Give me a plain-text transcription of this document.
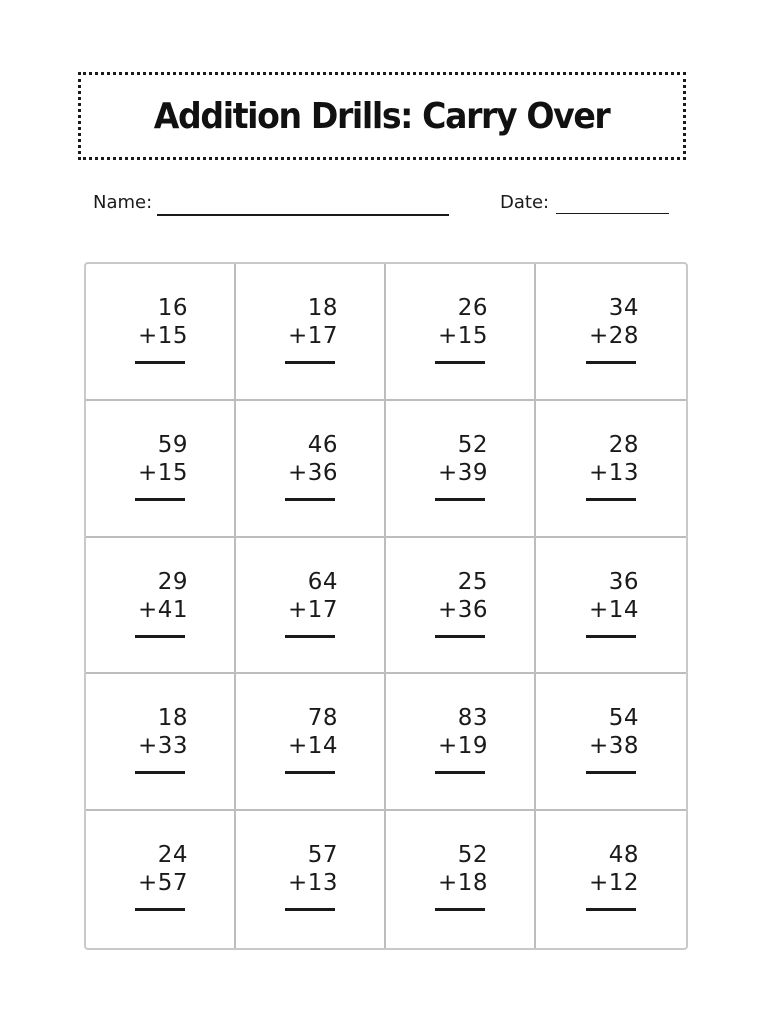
Addition Drills: Carry Over
Name:	Date:
16
+15
18
+17
26
+15
34
+28
59
+15
46
+36
52
+39
28
+13
29
+41
64
+17
25
+36
36
+14
18
+33
78
+14
83
+19
54
+38
24
+57
57
+13
52
+18
48
+12
